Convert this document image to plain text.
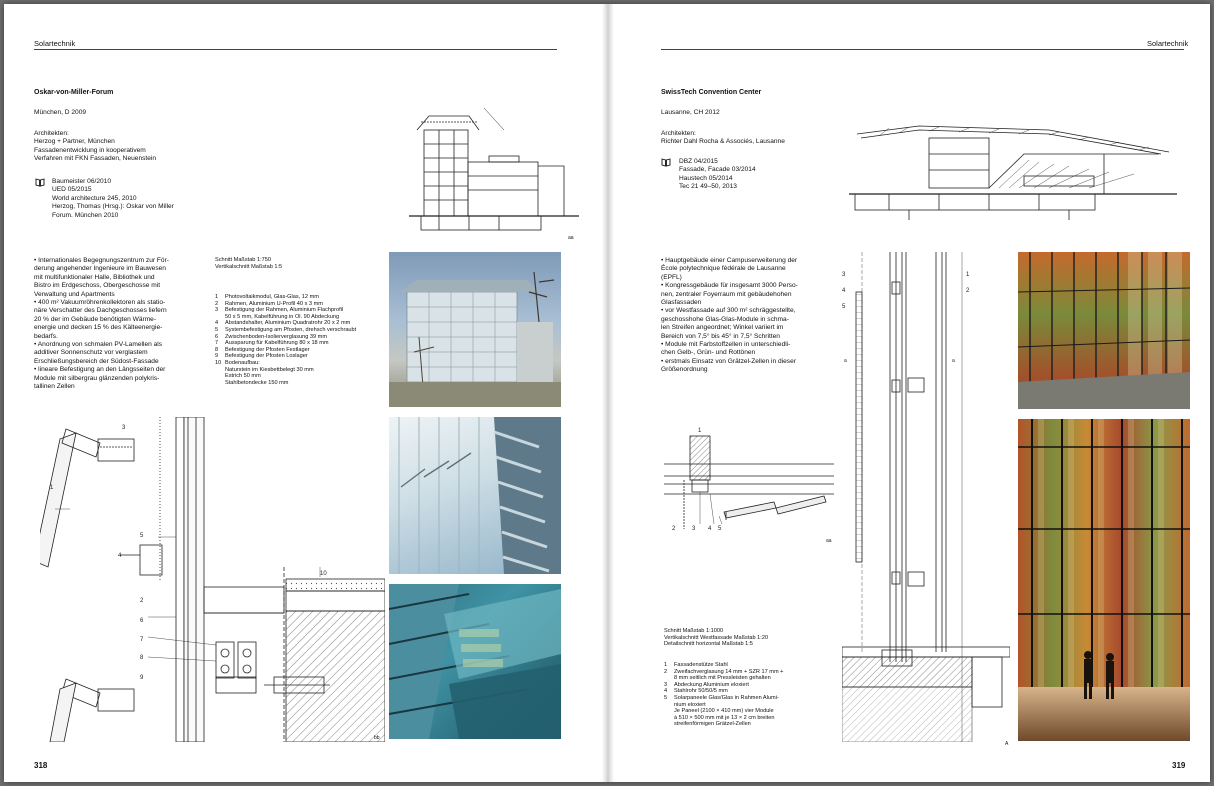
Solartechnik
Oskar-von-Miller-Forum
München, D 2009
Architekten:
Herzog + Partner, München
Fassadenentwicklung in kooperativem
Verfahren mit FKN Fassaden, Neuenstein
Baumeister 06/2010
UED 05/2015
World architecture 245, 2010
Herzog, Thomas (Hrsg.): Oskar von Miller
Forum. München 2010
aa
• Internationales Begegnungszentrum zur För-
derung angehender Ingenieure im Bauwesen
mit multifunktionaler Halle, Bibliothek und
Bistro im Erdgeschoss, Obergeschosse mit
Verwaltung und Apartments
• 400 m² Vakuumröhrenkollektoren als statio-
näre Verschatter des Dachgeschosses liefern
20 % der im Gebäude benötigten Wärme-
energie und decken 15 % des Kälteenergie-
bedarfs.
• Anordnung von schmalen PV-Lamellen als
additiver Sonnenschutz vor verglastem
Erschließungsbereich der Südost-Fassade
• lineare Befestigung an den Längsseiten der
Module mit silbergrau glänzenden polykris-
tallinen Zellen
Schnitt Maßstab 1:750
Vertikalschnitt Maßstab 1:5
1 Photovoltaikmodul, Glas-Glas, 12 mm
2 Rahmen, Aluminium U-Profil 40 x 3 mm
3 Befestigung der Rahmen, Aluminium Flachprofil
50 x 5 mm, Kabelführung in Ol. 90 Abdeckung
4 Abstandshalter, Aluminium Quadratrohr 20 x 2 mm
5 Systembefestigung am Pfosten, drehsch verschraubt
6 Zwischenboden-Isolierverglasung 39 mm
7 Aussparung für Kabelführung 80 x 18 mm
8 Befestigung der Pfosten Festlager
9 Befestigung der Pfosten Loslager
10 Bodenaufbau:
Naturstein im Kiesbettbelegt 30 mm
Estrich 50 mm
Stahlbetondecke 150 mm
3
1
4
5
6
7
8
9
10
2
bb
318
Solartechnik
SwissTech Convention Center
Lausanne, CH 2012
Architekten:
Richter Dahl Rocha & Associés, Lausanne
DBZ 04/2015
Fassade, Facade 03/2014
Haustech 05/2014
Tec 21 49–50, 2013
• Hauptgebäude einer Campuserweiterung der
École polytechnique fédérale de Lausanne
(EPFL)
• Kongressgebäude für insgesamt 3000 Perso-
nen, zentraler Foyerraum mit gebäudehohen
Glasfassaden
• vor Westfassade auf 300 m² schräggestellte,
geschosshohe Glas-Glas-Module in schma-
len Streifen angeordnet; Winkel variiert im
Bereich von 7,5° bis 45° in 7,5° Schritten
• Module mit Farbstoffzellen in unterschiedli-
chen Gelb-, Grün- und Rottönen
• erstmals Einsatz von Grätzel-Zellen in dieser
Größenordnung
1
2	3 4 5
aa
Schnitt Maßstab 1:1000
Vertikalschnitt Westfassade Maßstab 1:20
Detailschnitt horizontal Maßstab 1:5
1 Fassadenstütze Stahl
2 Zweifachverglasung 14 mm + SZR 17 mm +
8 mm seitlich mit Pressleisten gehalten
3 Abdeckung Aluminium eloxiert
4 Stahlrohr 50/50/5 mm
5 Solarpaneele Glas/Glas in Rahmen Alumi-
nium eloxiert
Je Paneel (2100 × 410 mm) vier Module
à 510 × 500 mm mit je 13 × 2 cm breiten
streifenförmigen Grätzel-Zellen
3
4
5
1
2
a	a
A
319
